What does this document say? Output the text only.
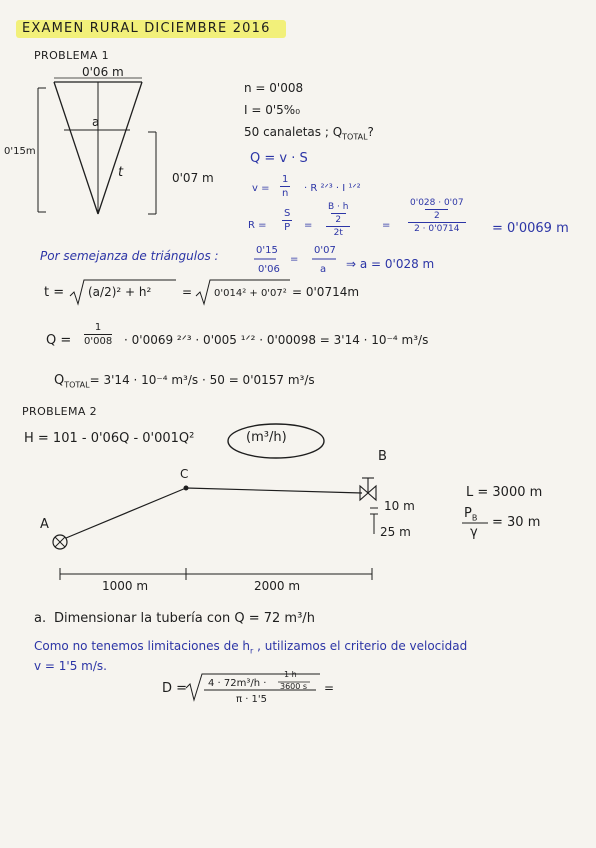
EXAMEN RURAL DICIEMBRE 2016
PROBLEMA 1
0'06 m
0'15m
a
t	0'07 m
n = 0'008
I = 0'5%₀
50 canaletas ; $Q_{TOTAL}$?
Q = v · S
v =
1
n · R ²ᐟ³ · I ¹ᐟ²
R =
S
P =
B · h
2
2t
=
0'028 · 0'07
2
2 · 0'0714 = 0'0069 m
Por semejanza de triángulos :	0'15
0'06
=
0'07
a ⇒ a = 0'028 m
t = (a/2)² + h²	= 0'014² + 0'07² = 0'0714m
Q =
1
0'008 · 0'0069 ²ᐟ³ · 0'005 ¹ᐟ² · 0'00098 = 3'14 · 10⁻⁴ m³/s
$Q_{TOTAL}= 3'14 \cdot 10^{-4}$ m³/s · 50 = 0'0157 m³/s
PROBLEMA 2
H = 101 - 0'06Q - 0'001Q²	(m³/h)
A
C
B
10 m
25 m
1000 m	2000 m
L = 3000 m
$P_B$
γ
= 30 m
a. Dimensionar la tubería con Q = 72 m³/h
Como no tenemos limitaciones de $h_r$ , utilizamos el criterio de velocidad
v = 1'5 m/s.
D = 4 · 72m³/h ·
1 h
3600 s
π · 1'5
=
